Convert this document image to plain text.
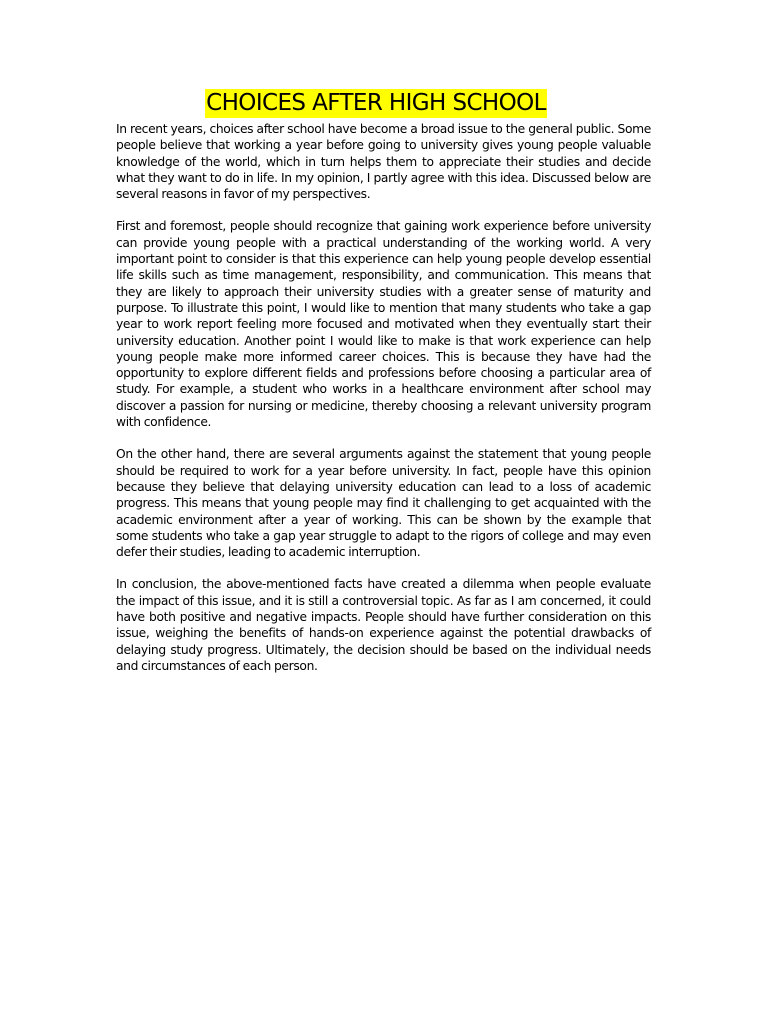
CHOICES AFTER HIGH SCHOOL

In recent years, choices after school have become a broad issue to the general public. Some people believe that working a year before going to university gives young people valuable knowledge of the world, which in turn helps them to appreciate their studies and decide what they want to do in life. In my opinion, I partly agree with this idea. Discussed below are several reasons in favor of my perspectives.

First and foremost, people should recognize that gaining work experience before university can provide young people with a practical understanding of the working world. A very important point to consider is that this experience can help young people develop essential life skills such as time management, responsibility, and communication. This means that they are likely to approach their university studies with a greater sense of maturity and purpose. To illustrate this point, I would like to mention that many students who take a gap year to work report feeling more focused and motivated when they eventually start their university education. Another point I would like to make is that work experience can help young people make more informed career choices. This is because they have had the opportunity to explore different fields and professions before choosing a particular area of study. For example, a student who works in a healthcare environment after school may discover a passion for nursing or medicine, thereby choosing a relevant university program with confidence.

On the other hand, there are several arguments against the statement that young people should be required to work for a year before university. In fact, people have this opinion because they believe that delaying university education can lead to a loss of academic progress. This means that young people may find it challenging to get acquainted with the academic environment after a year of working. This can be shown by the example that some students who take a gap year struggle to adapt to the rigors of college and may even defer their studies, leading to academic interruption.

In conclusion, the above-mentioned facts have created a dilemma when people evaluate the impact of this issue, and it is still a controversial topic. As far as I am concerned, it could have both positive and negative impacts. People should have further consideration on this issue, weighing the benefits of hands-on experience against the potential drawbacks of delaying study progress. Ultimately, the decision should be based on the individual needs and circumstances of each person.
